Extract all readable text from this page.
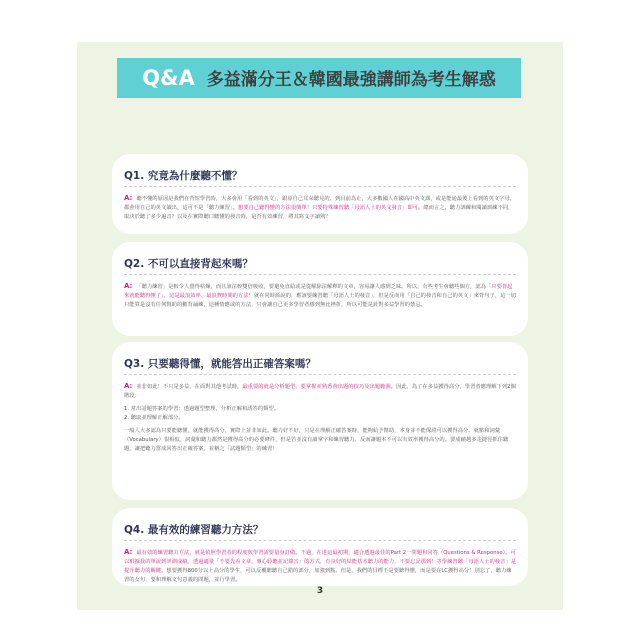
Q&A 多益滿分王＆韓國最強講師為考生解惑
Q1. 究竟為什麼聽不懂？
A: 聽不懂的原因是我們在背短學習時，大多會用「看到的英文」，跟原自己耳朵聽見的，到目前為止，大多數國人在國高中英文課，或是能通最後上看到的英文字母，都會用自己的英文讀出，這可不是「聽力練習」。想要自己聽得懂的方法很簡單！只要特殊練習聽「母語人士的英文發音」即可。總而言之，聽力訓練和閱讀訓練不同，取決於聽了多少遍音？以及在實際聽口聽懂的發音時，是否有效練習，將其寫文字讀熟？
Q2. 不可以直接背起來嗎？
A: 「聽力練習」是較令人覺得枯燥，而且該法較雙倍吸收，要避免直給或是從解除法解釋的文章，容易讓人感到乏味。所以，有些考生會聽些個方，認為「只要背起來就能聽得懂了」，這是最浪效率、最浪費時間的方法！就在同時源說的，應該要練習聽「母語人士的發音」，但是反而用「自己的發音和自己的英文」來背句子，這一切只能算是沒有任何幫助的數背誦練，這種情應或的方法，只會讓自己更多學習者感到無比挫折，所以可能是針對多益學習的禁忌。
Q3. 只要聽得懂，就能答出正確答案嗎？

A: 並非如此！不只是多益，在面對其他考試時，最重要的就是分析題型，要掌握並熟悉會出題的技巧及出題範圍。因此，為了在多益獲得高分，學習者應理解下列2個階段：

1. 常出話題答案的學習：透過題型整理，分析正解和誘答的類型。

2. 聽取並理解正解部分。

一般人大多認為只要能聽懂，就能獲得高分，實際上並非如此。聽力好不好，只是在理解正確答案時，能夠給予幫助，本身並不能保證可以獲得高分。就點和詞彙（Vocabulary）很相似，詞彙和聽力都然是獲得高分的必要條件，但是若並沒有讀掌字和練習聽力，反而讓題本不可以有效率獲得高分的。要成績越多走捷徑抓住聽題，讓把聽力當成回答出正確答案，並稱之「試題類型」的練習！

Q4. 最有效的練習聽力方法？
A: 最有效的練習聽力方法，就是依照學習者的程度與學習需要量身訂做。不過，在達這最初期，適合透過最佳的Part 2一問題和回答（Questions & Response）。可以根據我的單說到評測成績，透過適量「不要先看文章，專心聆聽並記錄音」的方式，有良好的結能基本聽力的能力，不要忘記那到！等學練習聽「母語人士的發音」是提升聽力的關鍵。想要獲得800分以上高分的學生，可以反覆聽聽自己錯的部分，加強到點。但是，我們的目標不是要聽得懂，而是要在LC獲得高分！別忘了，聽力練習的女句，要和理解文句意義的問題，並行學習。
3
